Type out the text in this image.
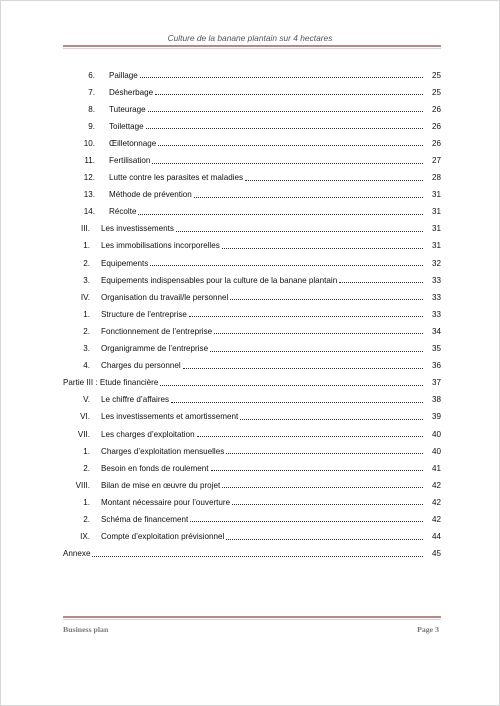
Culture de la banane plantain sur 4 hectares
6. Paillage	25
7. Désherbage	25
8. Tuteurage	26
9. Toilettage	26
10. Œilletonnage	26
11. Fertilisation	27
12. Lutte contre les parasites et maladies	28
13. Méthode de prévention	31
14. Récolte	31
III. Les investissements	31
1. Les immobilisations incorporelles	31
2. Equipements	32
3. Equipements indispensables pour la culture de la banane plantain	33
IV. Organisation du travail/le personnel	33
1. Structure de l’entreprise	33
2. Fonctionnement de l’entreprise	34
3. Organigramme de l’entreprise	35
4. Charges du personnel	36
Partie III : Etude financière	37
V. Le chiffre d’affaires	38
VI. Les investissements et amortissement	39
VII. Les charges d’exploitation	40
1. Charges d’exploitation mensuelles	40
2. Besoin en fonds de roulement	41
VIII. Bilan de mise en œuvre du projet	42
1. Montant nécessaire pour l’ouverture	42
2. Schéma de financement	42
IX. Compte d’exploitation prévisionnel	44
Annexe	45
Business plan	Page 3
